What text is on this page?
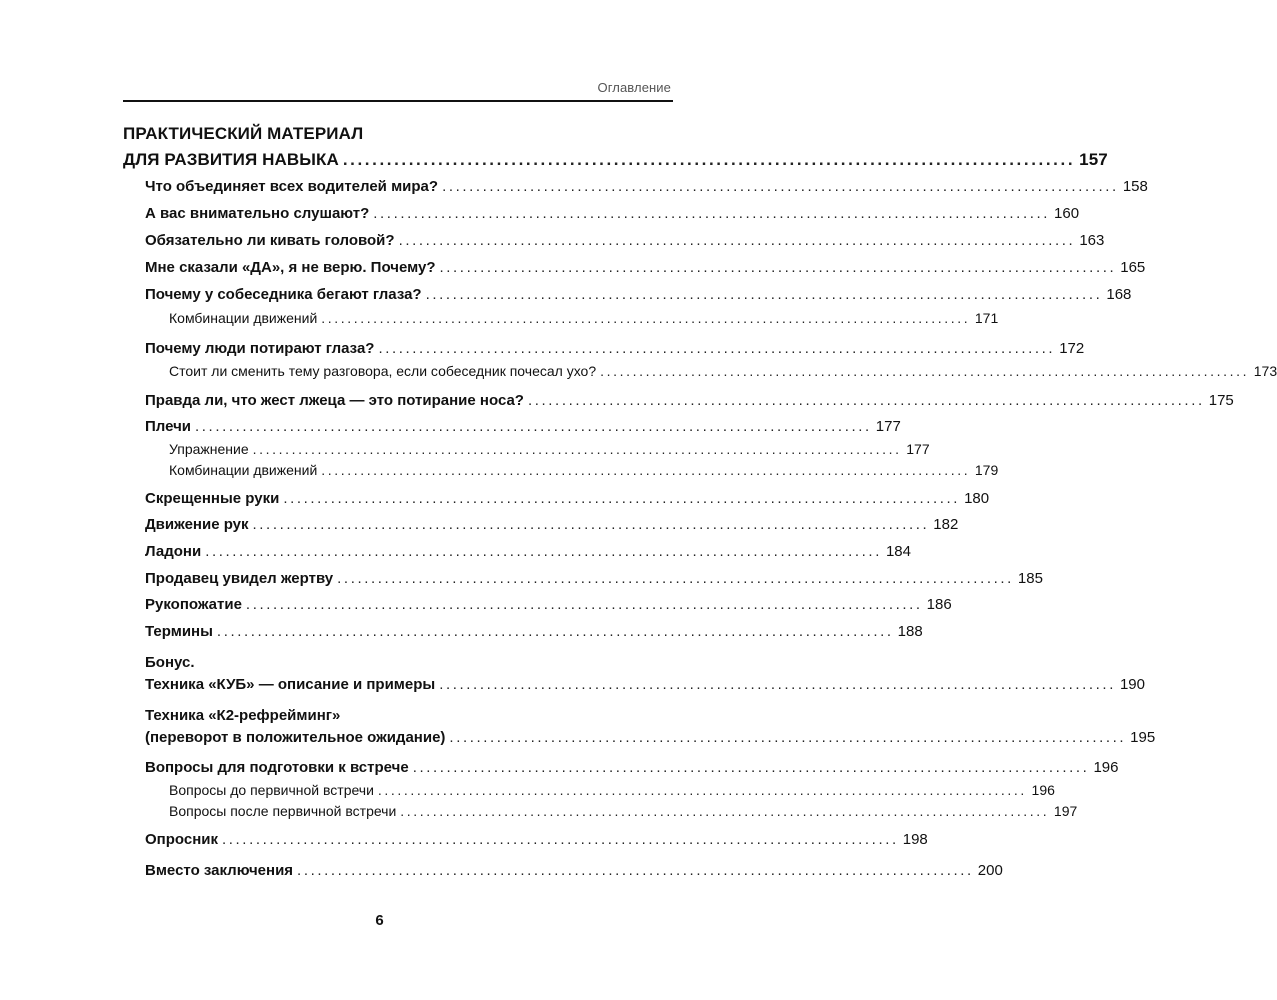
Оглавление
ПРАКТИЧЕСКИЙ МАТЕРИАЛ
ДЛЯ РАЗВИТИЯ НАВЫКА .................................................................................................... 157
Что объединяет всех водителей мира? .................................................................................................... 158
А вас внимательно слушают? .................................................................................................... 160
Обязательно ли кивать головой? .................................................................................................... 163
Мне сказали «ДА», я не верю. Почему? .................................................................................................... 165
Почему у собеседника бегают глаза? .................................................................................................... 168
Комбинации движений .................................................................................................... 171
Почему люди потирают глаза? .................................................................................................... 172
Стоит ли сменить тему разговора, если собеседник почесал ухо? .................................................................................................... 173
Правда ли, что жест лжеца — это потирание носа? .................................................................................................... 175
Плечи .................................................................................................... 177
Упражнение .................................................................................................... 177
Комбинации движений .................................................................................................... 179
Скрещенные руки .................................................................................................... 180
Движение рук .................................................................................................... 182
Ладони .................................................................................................... 184
Продавец увидел жертву .................................................................................................... 185
Рукопожатие .................................................................................................... 186
Термины .................................................................................................... 188
Бонус.
Техника «КУБ» — описание и примеры .................................................................................................... 190
Техника «К2-рефрейминг»
(переворот в положительное ожидание) .................................................................................................... 195
Вопросы для подготовки к встрече .................................................................................................... 196
Вопросы до первичной встречи .................................................................................................... 196
Вопросы после первичной встречи .................................................................................................... 197
Опросник .................................................................................................... 198
Вместо заключения .................................................................................................... 200
6
